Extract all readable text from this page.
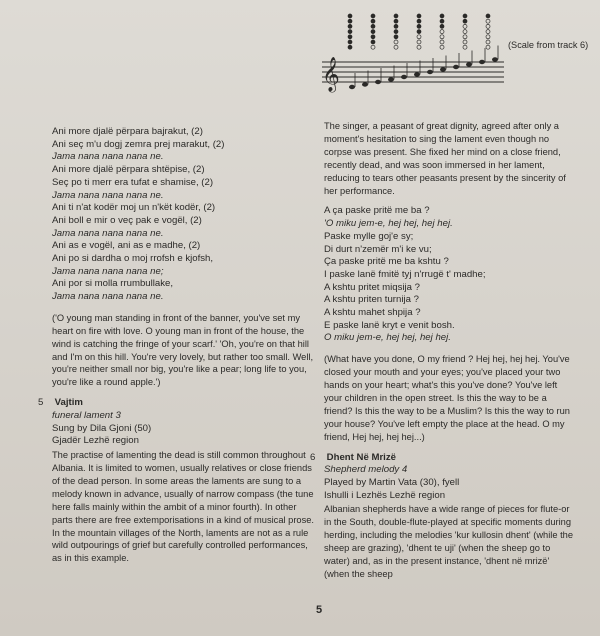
𝄞
(Scale from track 6)
Ani more djalë përpara bajrakut, (2)
Ani seç m'u dogj zemra prej marakut, (2)
Jama nana nana nana ne.
Ani more djalë përpara shtëpise, (2)
Seç po ti merr era tufat e shamise, (2)
Jama nana nana nana ne.
Ani ti n'at kodër moj un n'kët kodër, (2)
Ani boll e mir o veç pak e vogël, (2)
Jama nana nana nana ne.
Ani as e vogël, ani as e madhe, (2)
Ani po si dardha o moj rrofsh e kjofsh,
Jama nana nana nana ne;
Ani por si molla rrumbullake,
Jama nana nana nana ne.
('O young man standing in front of the banner, you've set my heart on fire with love. O young man in front of the house, the wind is catching the fringe of your scarf.' 'Oh, you're on that hill and I'm on this hill. You're very lovely, but rather too small. Well, you're neither small nor big, you're like a pear; long life to you, you're like a round apple.')
5 Vajtim
funeral lament 3
Sung by Dila Gjoni (50)
Gjadër Lezhë region
The practise of lamenting the dead is still common throughout Albania. It is limited to women, usually relatives or close friends of the dead person. In some areas the laments are sung to a melody known in advance, usually of narrow compass (the tune here falls mainly within the ambit of a minor fourth). In other parts there are free extemporisations in a kind of musical prose. In the mountain villages of the North, laments are not as a rule wild outpourings of grief but carefully controlled performances, as in this example.
The singer, a peasant of great dignity, agreed after only a moment's hesitation to sing the lament even though no corpse was present. She fixed her mind on a close friend, recently dead, and was soon immersed in her lament, reducing to tears other peasants present by the sincerity of her performance.
A ça paske pritë me ba ?
'O miku jem-e, hej hej, hej hej.
Paske mylle goj'e sy;
Di durt n'zemër m'i ke vu;
Ça paske pritë me ba kshtu ?
I paske lanë fmitë tyj n'rrugë t' madhe;
A kshtu pritet miqsija ?
A kshtu priten turnija ?
A kshtu mahet shpija ?
E paske lanë kryt e venit bosh.
O miku jem-e, hej hej, hej hej.
(What have you done, O my friend ? Hej hej, hej hej. You've closed your mouth and your eyes; you've placed your two hands on your heart; what's this you've done? You've left your children in the open street. Is this the way to be a friend? Is this the way to be a Muslim? Is this the way to run your house? You've left empty the place at the head. O my friend, Hej hej, hej hej...)
6 Dhent Në Mrizë
Shepherd melody 4
Played by Martin Vata (30), fyell
Ishulli i Lezhës Lezhë region
Albanian shepherds have a wide range of pieces for flute-or in the South, double-flute-played at specific moments during herding, including the melodies 'kur kullosin dhent' (while the sheep are grazing), 'dhent te uji' (when the sheep go to water) and, as in the present instance, 'dhent në mrizë' (when the sheep
5
